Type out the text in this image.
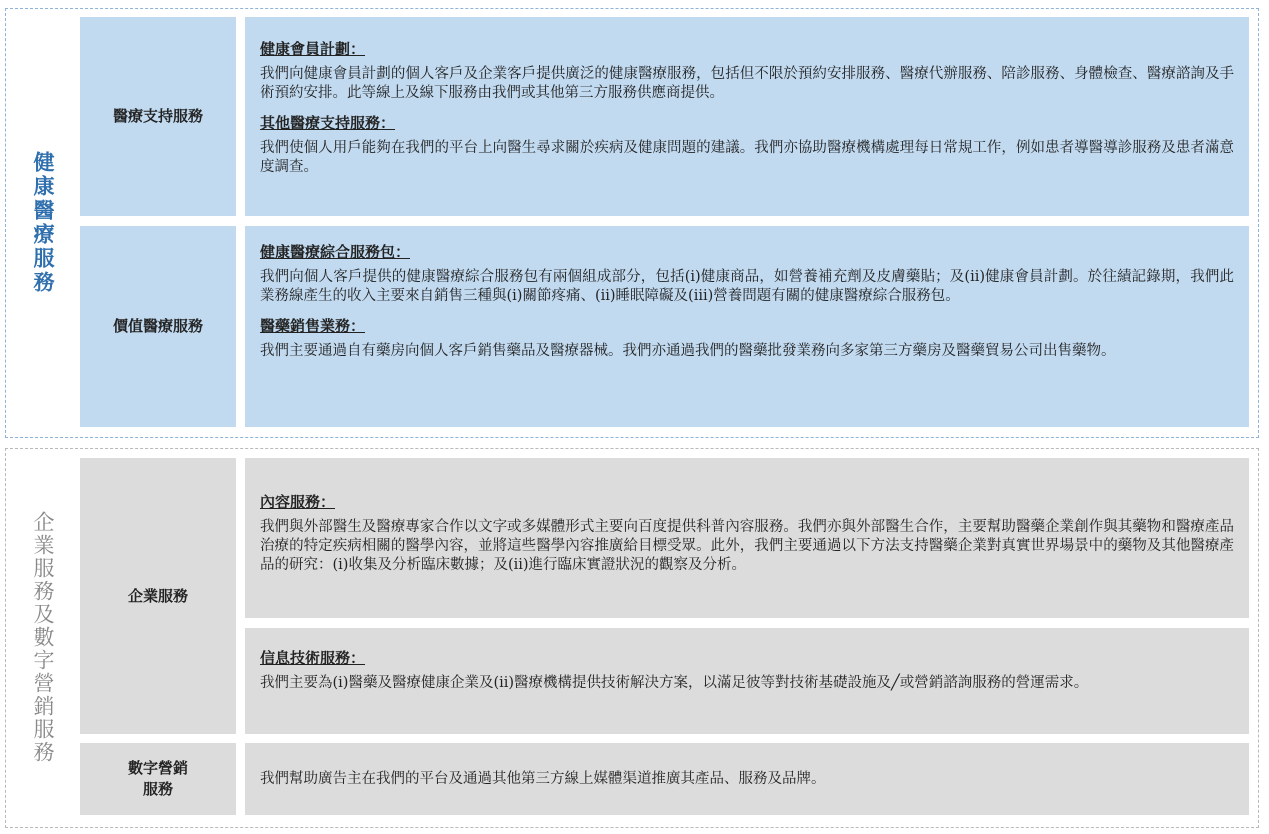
健康醫療服務
醫療支持服務
健康會員計劃：
我們向健康會員計劃的個人客戶及企業客戶提供廣泛的健康醫療服務，包括但不限於預約安排服務、醫療代辦服務、陪診服務、身體檢查、醫療諮詢及手術預約安排。此等線上及線下服務由我們或其他第三方服務供應商提供。
其他醫療支持服務：
我們使個人用戶能夠在我們的平台上向醫生尋求關於疾病及健康問題的建議。我們亦協助醫療機構處理每日常規工作，例如患者導醫導診服務及患者滿意度調查。
價值醫療服務
健康醫療綜合服務包：
我們向個人客戶提供的健康醫療綜合服務包有兩個組成部分，包括(i)健康商品，如營養補充劑及皮膚藥貼；及(ii)健康會員計劃。於往績記錄期，我們此業務線產生的收入主要來自銷售三種與(i)關節疼痛、(ii)睡眠障礙及(iii)營養問題有關的健康醫療綜合服務包。
醫藥銷售業務：
我們主要通過自有藥房向個人客戶銷售藥品及醫療器械。我們亦通過我們的醫藥批發業務向多家第三方藥房及醫藥貿易公司出售藥物。
企業服務及數字營銷服務	企業服務
內容服務：
我們與外部醫生及醫療專家合作以文字或多媒體形式主要向百度提供科普內容服務。我們亦與外部醫生合作，主要幫助醫藥企業創作與其藥物和醫療產品治療的特定疾病相關的醫學內容，並將這些醫學內容推廣給目標受眾。此外，我們主要通過以下方法支持醫藥企業對真實世界場景中的藥物及其他醫療產品的研究：(i)收集及分析臨床數據；及(ii)進行臨床實證狀況的觀察及分析。
信息技術服務：
我們主要為(i)醫藥及醫療健康企業及(ii)醫療機構提供技術解決方案，以滿足彼等對技術基礎設施及╱或營銷諮詢服務的營運需求。
數字營銷
服務
我們幫助廣告主在我們的平台及通過其他第三方線上媒體渠道推廣其產品、服務及品牌。
